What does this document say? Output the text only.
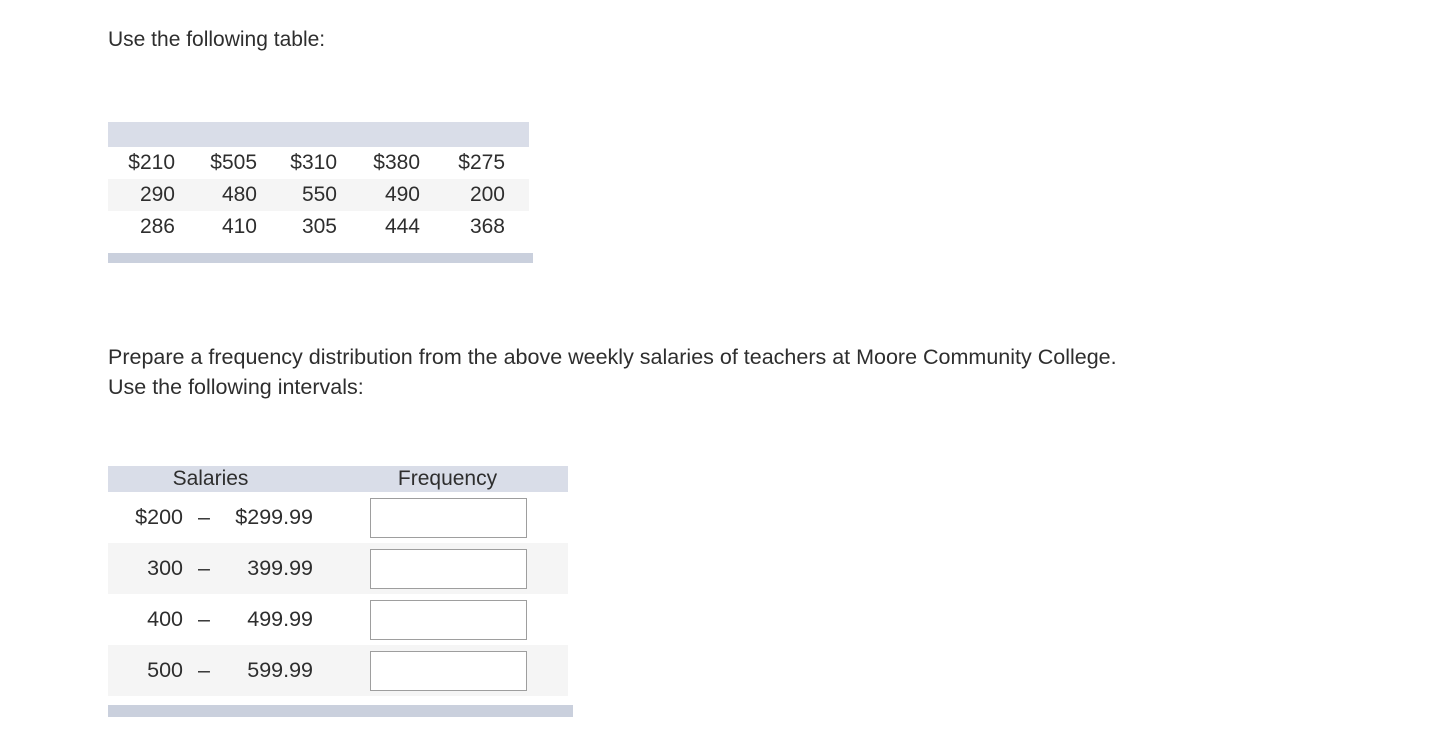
Use the following table:

$210	$505	$310	$380	$275
290	480	550	490	200
286	410	305	444	368
Prepare a frequency distribution from the above weekly salaries of teachers at Moore Community College.
Use the following intervals:
Salaries	Frequency
$200 –	$299.99
300 –	399.99
400 –	499.99
500 –	599.99
